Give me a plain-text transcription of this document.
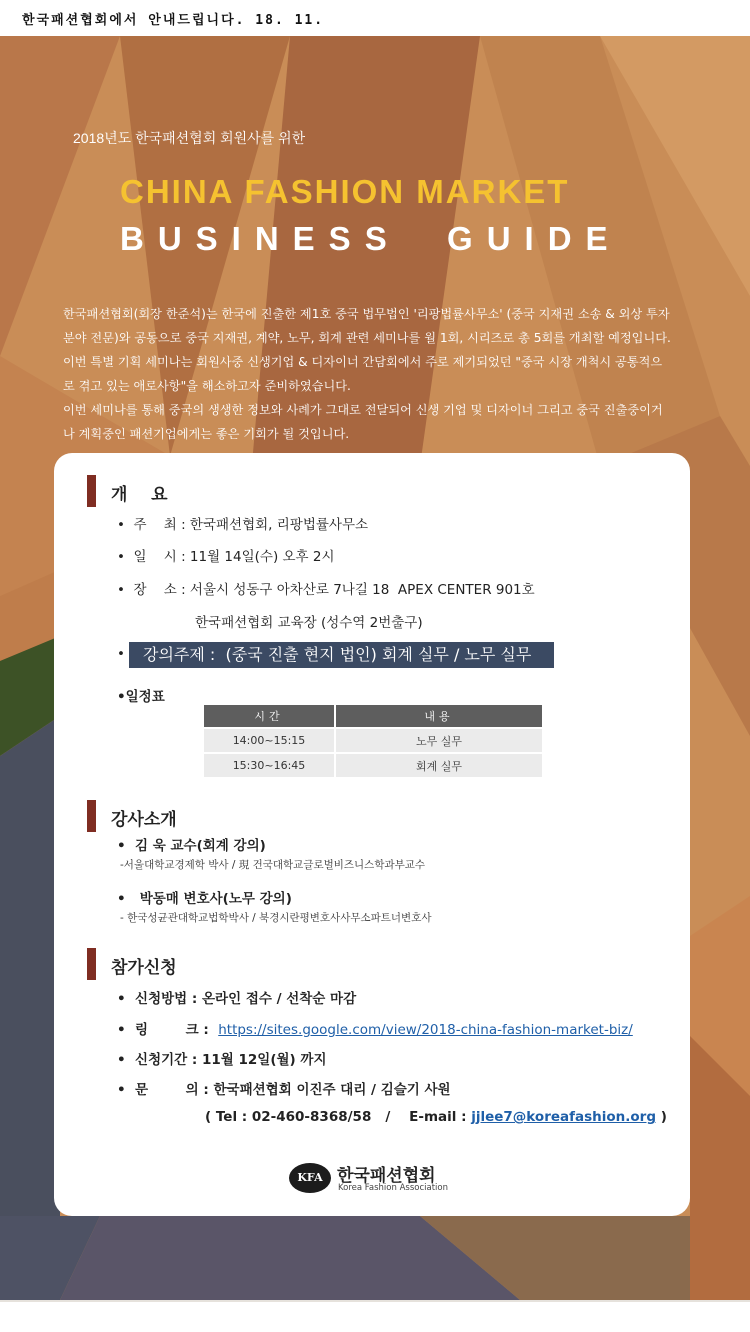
한국패션협회에서 안내드립니다. 18. 11.
2018년도 한국패션협회 회원사를 위한
CHINA FASHION MARKET
BUSINESS  GUIDE
한국패션협회(회장 한준석)는 한국에 진출한 제1호 중국 법무법인 '리팡법률사무소' (중국 지재권 소송 & 외상 투자
분야 전문)와 공동으로 중국 지재권, 계약, 노무, 회계 관련 세미나를 월 1회, 시리즈로 총 5회를 개최할 예정입니다.
이번 특별 기획 세미나는 회원사중 신생기업 & 디자이너 간담회에서 주로 제기되었던 "중국 시장 개척시 공통적으
로 겪고 있는 애로사항"을 해소하고자 준비하였습니다.
이번 세미나를 통해 중국의 생생한 정보와 사례가 그대로 전달되어 신생 기업 및 디자이너 그리고 중국 진출중이거
나 계획중인 패션기업에게는 좋은 기회가 될 것입니다.
개    요
•  주    최 : 한국패션협회, 리팡법률사무소
•  일    시 : 11월 14일(수) 오후 2시
•  장    소 : 서울시 성동구 아차산로 7나길 18  APEX CENTER 901호
한국패션협회 교육장 (성수역 2번출구)
•	강의주제 :  (중국 진출 현지 법인) 회계 실무 / 노무 실무
•일정표
시간	내용
14:00~15:15	노무 실무
15:30~16:45	회계 실무
강사소개
•  김 욱 교수(회계 강의)
-서울대학교경제학 박사 / 現 건국대학교글로벌비즈니스학과부교수
•   박동매 변호사(노무 강의)
- 한국성균관대학교법학박사 / 북경시란평변호사사무소파트너변호사
참가신청
•  신청방법 : 온라인 접수 / 선착순 마감
•  링        크 :  https://sites.google.com/view/2018-china-fashion-market-biz/
•  신청기간 : 11월 12일(월) 까지
•  문        의 : 한국패션협회 이진주 대리 / 김슬기 사원
( Tel : 02-460-8368/58   /    E-mail : jjlee7@koreafashion.org )
KFA 한국패션협회
Korea Fashion Association
